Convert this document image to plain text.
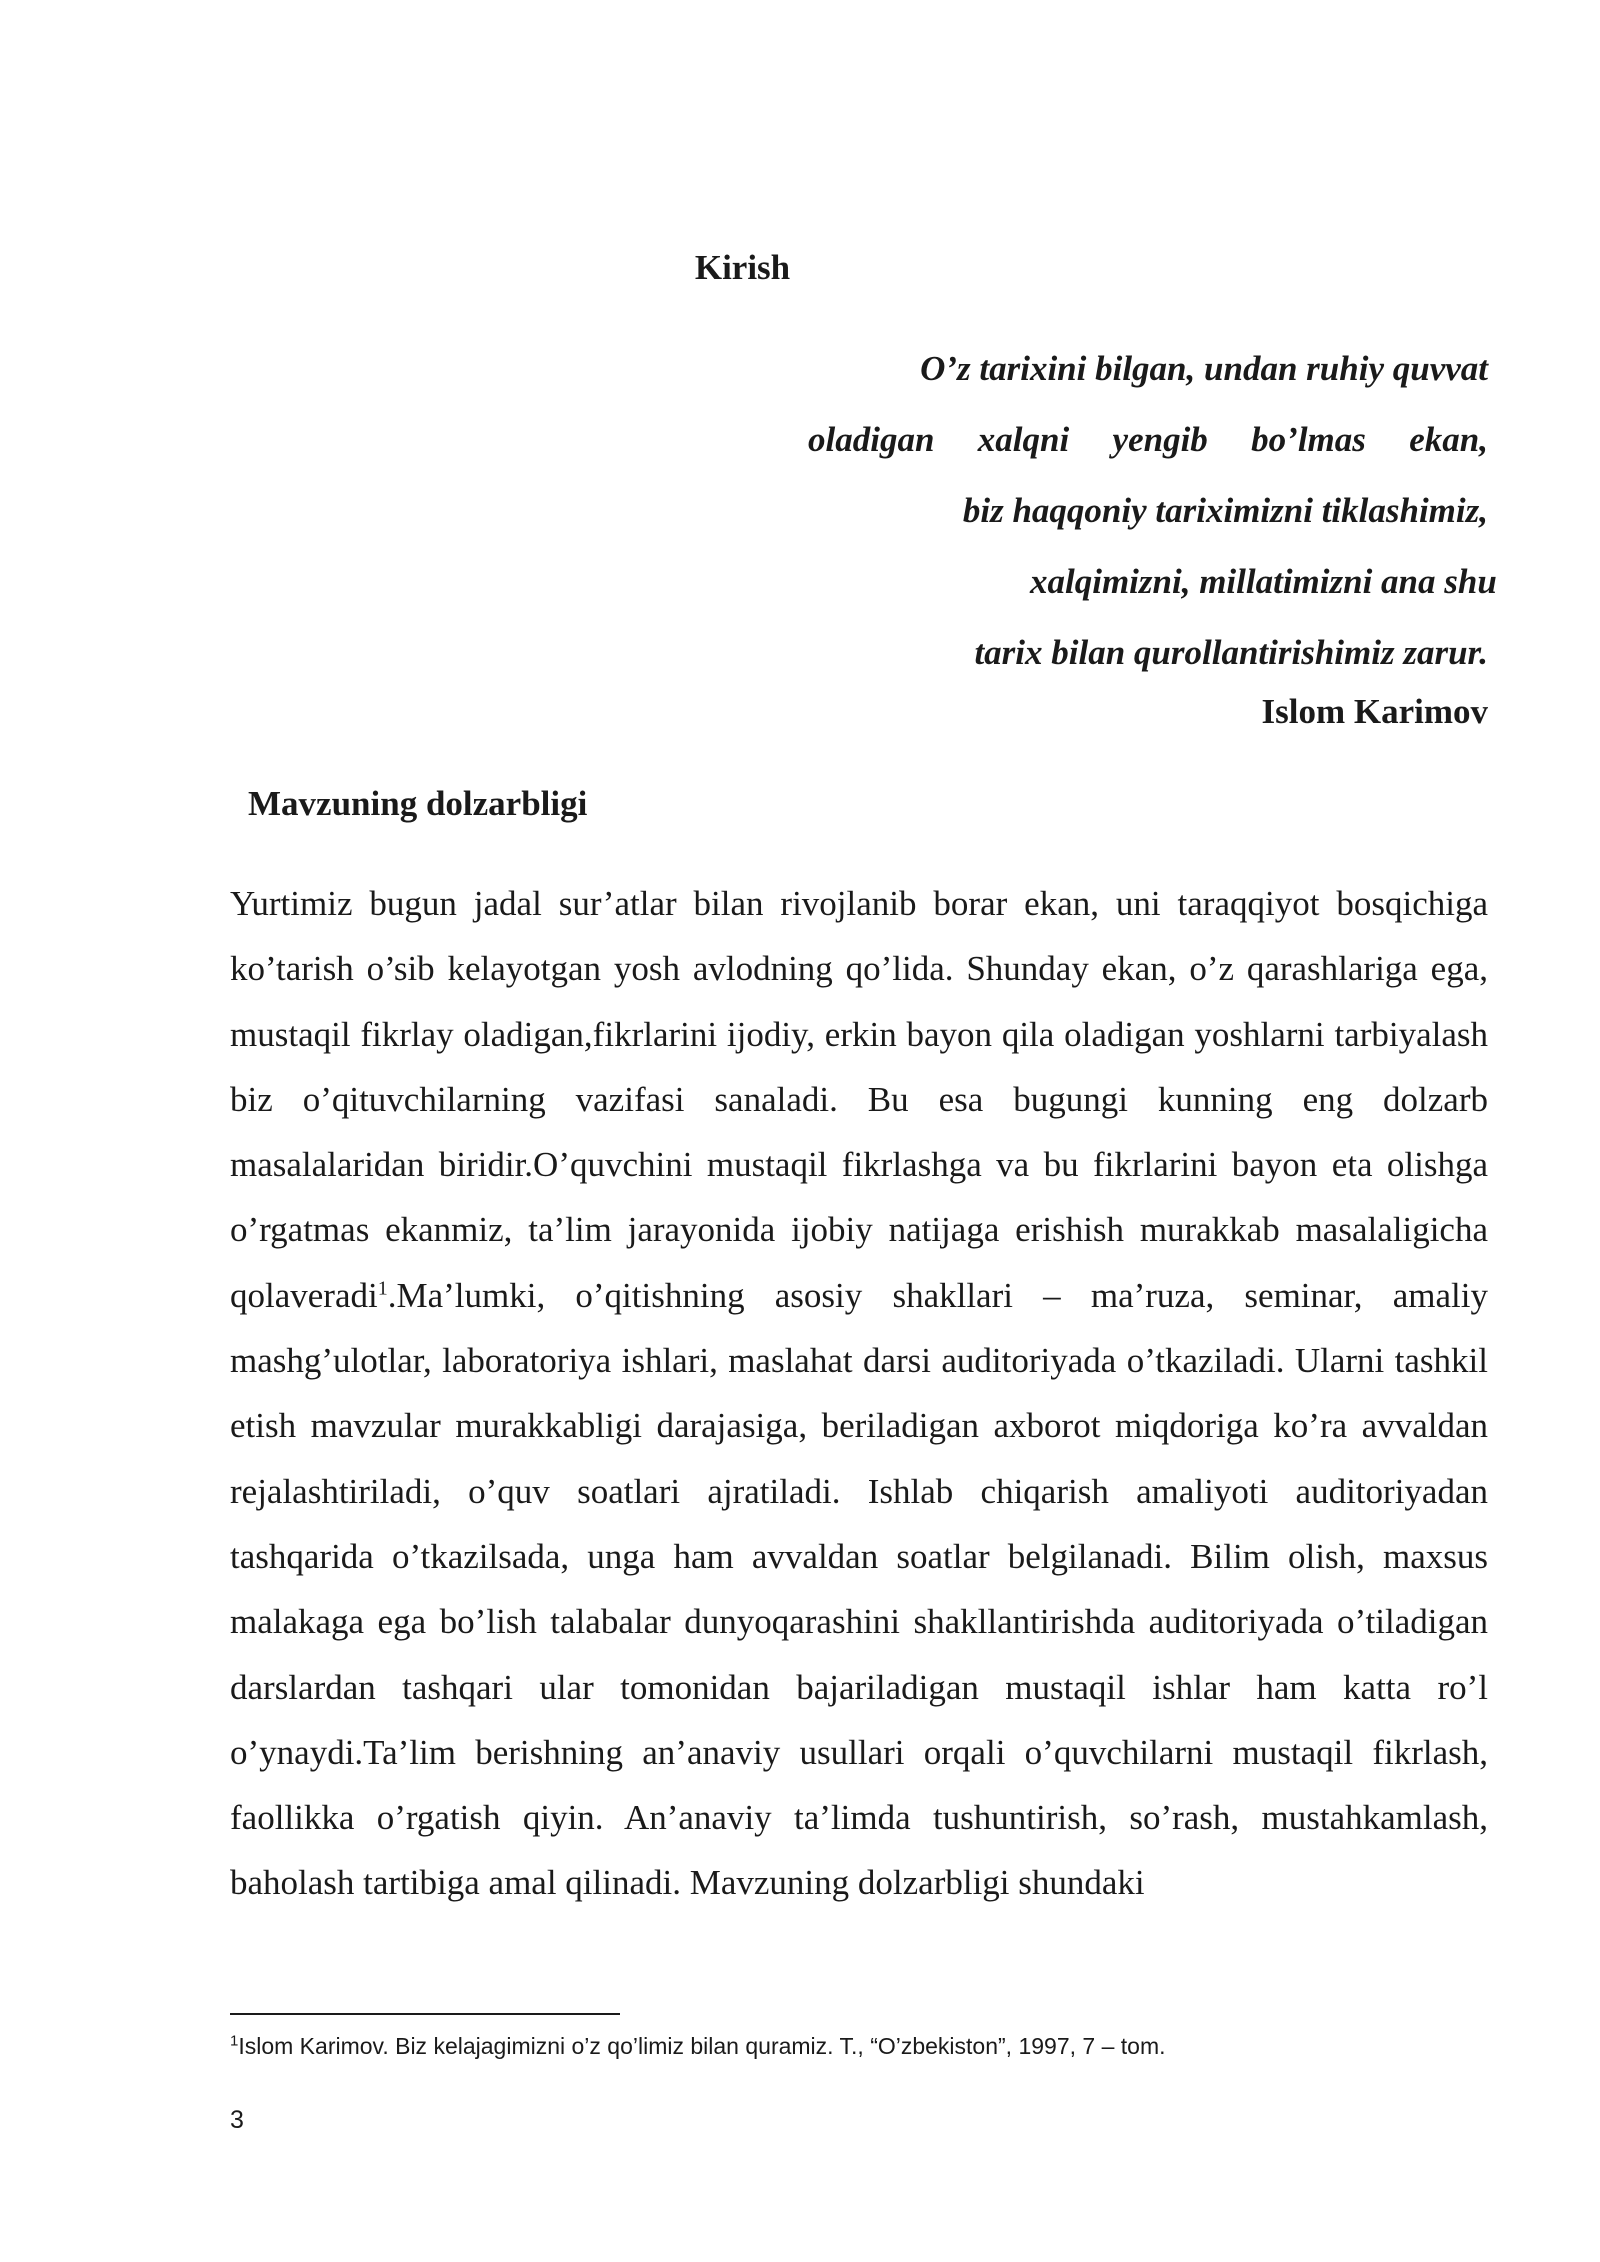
Kirish
O’z tarixini bilgan, undan ruhiy quvvat
oladigan xalqni yengib bo’lmas ekan,
biz haqqoniy tariximizni tiklashimiz,
xalqimizni, millatimizni ana shu
tarix bilan qurollantirishimiz zarur.
Islom Karimov
Mavzuning dolzarbligi

Yurtimiz bugun jadal sur’atlar bilan rivojlanib borar ekan, uni taraqqiyot bosqichiga ko’tarish o’sib kelayotgan yosh avlodning qo’lida. Shunday ekan, o’z qarashlariga ega, mustaqil fikrlay oladigan,fikrlarini ijodiy, erkin bayon qila oladigan yoshlarni tarbiyalash biz o’qituvchilarning vazifasi sanaladi. Bu esa bugungi kunning eng dolzarb masalalaridan biridir.O’quvchini mustaqil fikrlashga va bu fikrlarini bayon eta olishga o’rgatmas ekanmiz, ta’lim jarayonida ijobiy natijaga erishish murakkab masalaligicha qolaveradi$^1$.Ma’lumki, o’qitishning asosiy shakllari – ma’ruza, seminar, amaliy mashg’ulotlar, laboratoriya ishlari, maslahat darsi auditoriyada o’tkaziladi. Ularni tashkil etish mavzular murakkabligi darajasiga, beriladigan axborot miqdoriga ko’ra avvaldan rejalashtiriladi, o’quv soatlari ajratiladi. Ishlab chiqarish amaliyoti auditoriyadan tashqarida o’tkazilsada, unga ham avvaldan soatlar belgilanadi. Bilim olish, maxsus malakaga ega bo’lish talabalar dunyoqarashini shakllantirishda auditoriyada o’tiladigan darslardan tashqari ular tomonidan bajariladigan mustaqil ishlar ham katta ro’l o’ynaydi.Ta’lim berishning an’anaviy usullari orqali o’quvchilarni mustaqil fikrlash, faollikka o’rgatish qiyin. An’anaviy ta’limda tushuntirish, so’rash, mustahkamlash, baholash tartibiga amal qilinadi. Mavzuning dolzarbligi shundaki

$^1$Islom Karimov. Biz kelajagimizni o’z qo’limiz bilan quramiz. T., “O’zbekiston”, 1997, 7 – tom.
3
